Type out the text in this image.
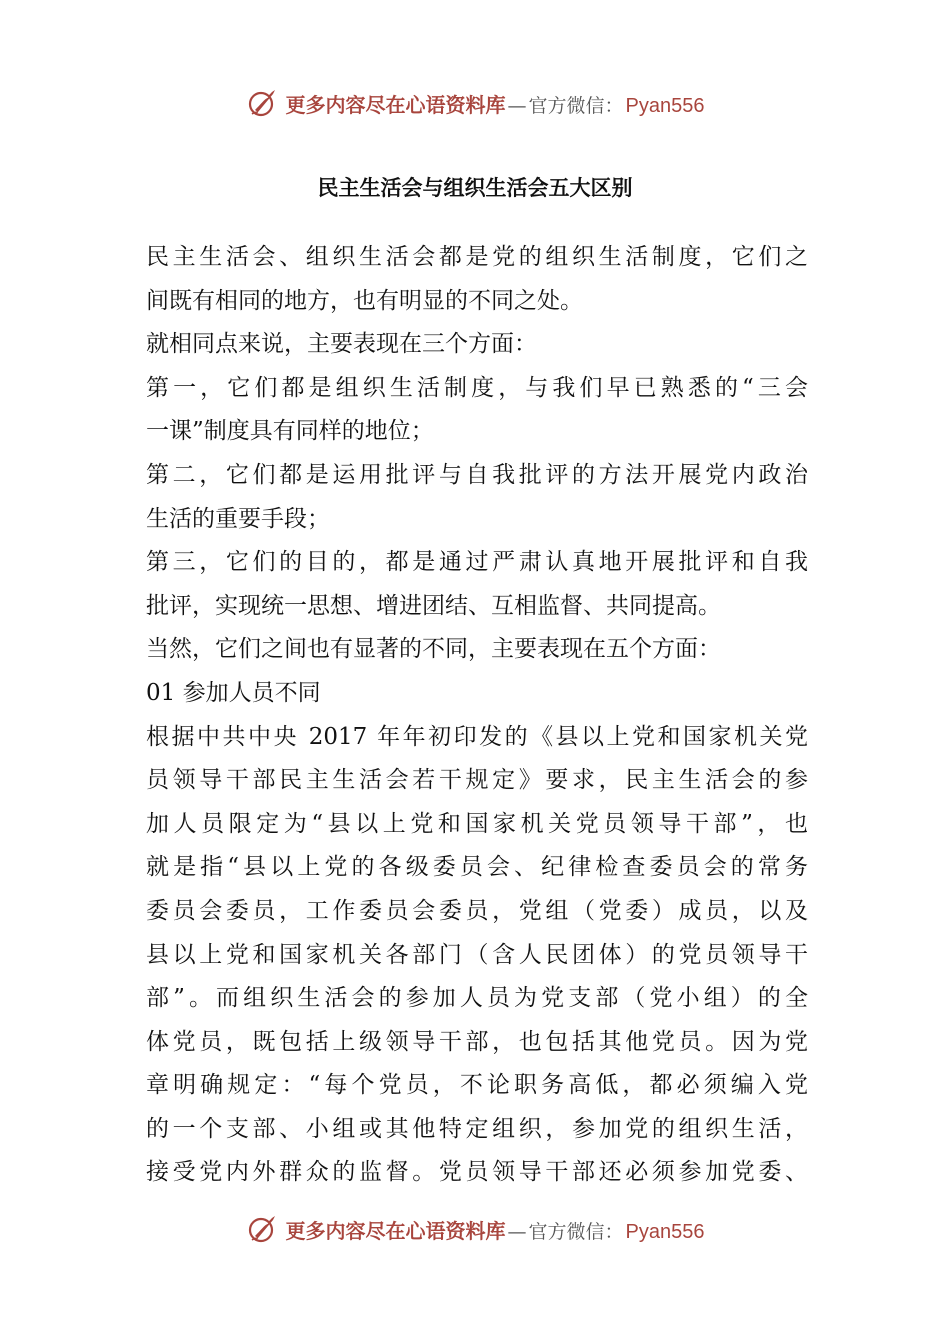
更多内容尽在心语资料库 — 官方微信： Pyan556
民主生活会与组织生活会五大区别
民主生活会、组织生活会都是党的组织生活制度，它们之
间既有相同的地方，也有明显的不同之处。
就相同点来说，主要表现在三个方面：
第一，它们都是组织生活制度，与我们早已熟悉的“三会
一课”制度具有同样的地位；
第二，它们都是运用批评与自我批评的方法开展党内政治
生活的重要手段；
第三，它们的目的，都是通过严肃认真地开展批评和自我
批评，实现统一思想、增进团结、互相监督、共同提高。
当然，它们之间也有显著的不同，主要表现在五个方面：
01 参加人员不同
根据中共中央 2017 年年初印发的《县以上党和国家机关党
员领导干部民主生活会若干规定》要求，民主生活会的参
加人员限定为“县以上党和国家机关党员领导干部”，也
就是指“县以上党的各级委员会、纪律检查委员会的常务
委员会委员，工作委员会委员，党组（党委）成员，以及
县以上党和国家机关各部门（含人民团体）的党员领导干
部”。而组织生活会的参加人员为党支部（党小组）的全
体党员，既包括上级领导干部，也包括其他党员。因为党
章明确规定：“每个党员，不论职务高低，都必须编入党
的一个支部、小组或其他特定组织，参加党的组织生活，
接受党内外群众的监督。党员领导干部还必须参加党委、
更多内容尽在心语资料库 — 官方微信： Pyan556
